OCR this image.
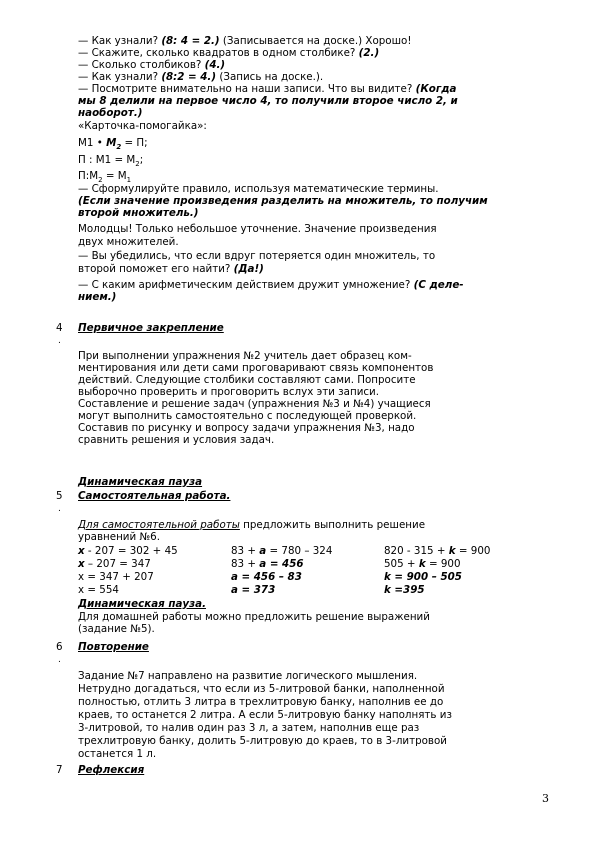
— Как узнали? (8: 4 = 2.) (Записывается на доске.) Хорошо!
— Скажите, сколько квадратов в одном столбике? (2.)
— Сколько столбиков? (4.)
— Как узнали? (8:2 = 4.) (Запись на доске.).
— Посмотрите внимательно на наши записи. Что вы видите? (Когда
мы 8 делили на первое число 4, то получили второе число 2, и
наоборот.)
«Карточка-помогайка»:
М1 • $М_2 = П$;
П : $М1 = М_2$;
$П:М_2 = М_1$
— Сформулируйте правило, используя математические термины.
(Если значение произведения разделить на множитель, то получим
второй множитель.)
Молодцы! Только небольшое уточнение. Значение произведения
двух множителей.
— Вы убедились, что если вдруг потеряется один множитель, то
второй поможет его найти? (Да!)
— С каким арифметическим действием дружит умножение? (С деле-
нием.)
4
.
Первичное закрепление
При выполнении упражнения №2 учитель дает образец ком-
ментирования или дети сами проговаривают связь компонентов
действий. Следующие столбики составляют сами. Попросите
выборочно проверить и проговорить вслух эти записи.
Составление и решение задач (упражнения №3 и №4) учащиеся
могут выполнить самостоятельно с последующей проверкой.
Составив по рисунку и вопросу задачи упражнения №3, надо
сравнить решения и условия задач.
Динамическая пауза
5
.
Самостоятельная работа.
Для самостоятельной работы предложить выполнить решение
уравнений №6.
x - 207 = 302 + 45
x – 207 = 347
x = 347 + 207
x = 554
83 + а = 780 – 324
83 + а = 456
а = 456 – 83
а = 373
820 - 315 + k = 900
505 + k = 900
k = 900 – 505
k =395
Динамическая пауза.
Для домашней работы можно предложить решение выражений
(задание №5).
6
.
Повторение
Задание №7 направлено на развитие логического мышления.
Нетрудно догадаться, что если из 5-литровой банки, наполненной
полностью, отлить 3 литра в трехлитровую банку, наполнив ее до
краев, то останется 2 литра. А если 5-литровую банку наполнять из
3-литровой, то налив один раз 3 л, а затем, наполнив еще раз
трехлитровую банку, долить 5-литровую до краев, то в 3-литровой
останется 1 л.
7 Рефлексия
3
